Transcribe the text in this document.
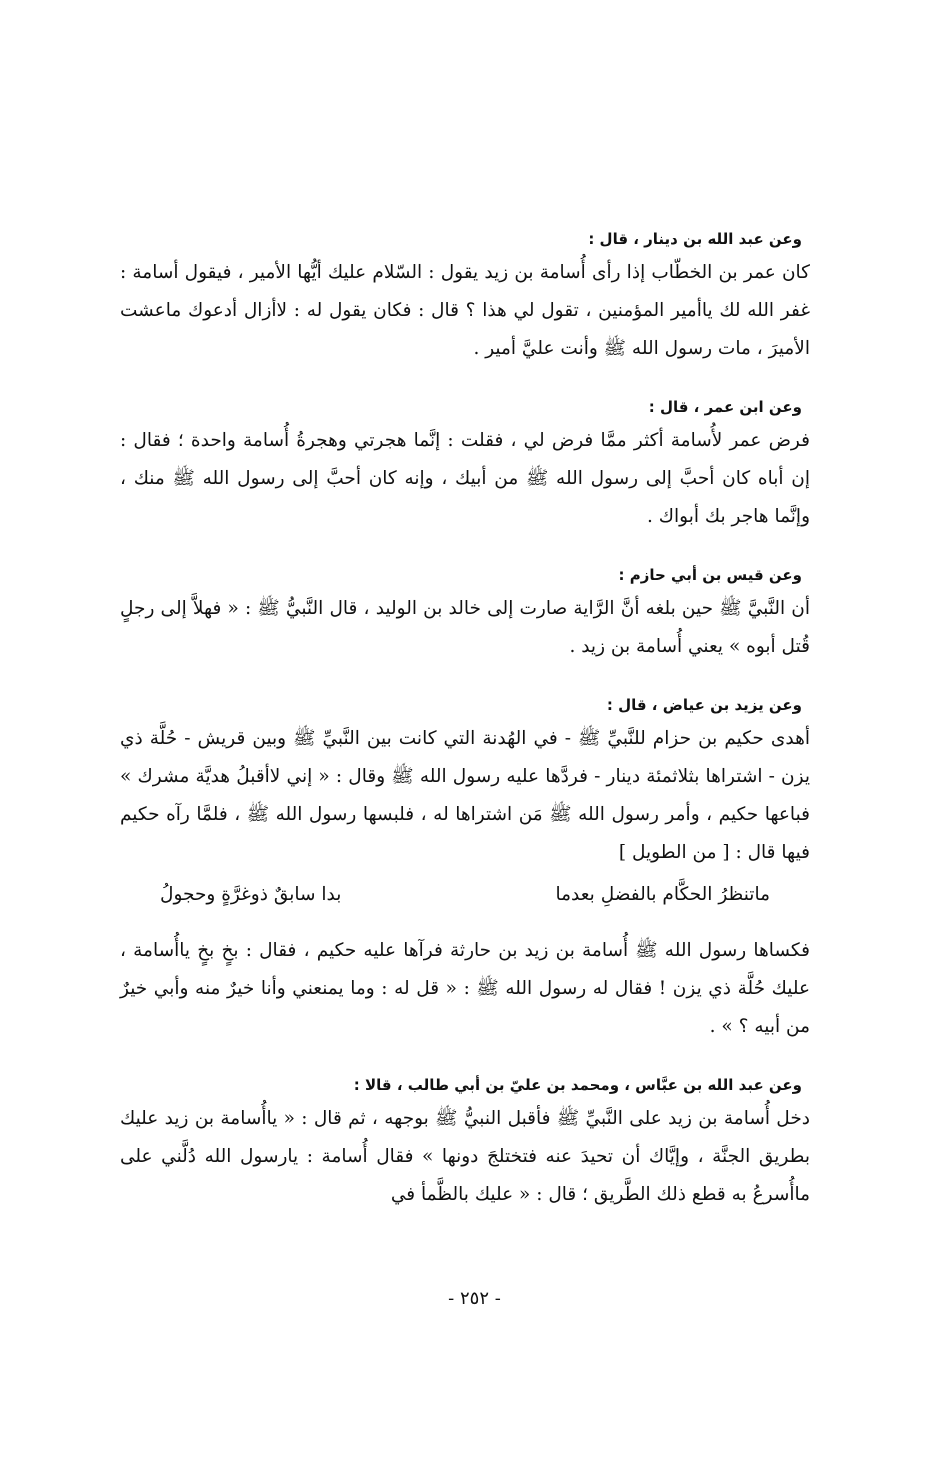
وعن عبد الله بن دينار ، قال :

كان عمر بن الخطّاب إذا رأى أُسامة بن زيد يقول : السّلام عليك أيُّها الأمير ، فيقول أسامة : غفر الله لك ياأمير المؤمنين ، تقول لي هذا ؟ قال : فكان يقول له : لاأزال أدعوك ماعشت الأميرَ ، مات رسول الله ﷺ وأنت عليَّ أمير .

وعن ابن عمر ، قال :

فرض عمر لأُسامة أكثر ممَّا فرض لي ، فقلت : إنَّما هجرتي وهجرةُ أُسامة واحدة ؛ فقال : إن أباه كان أحبَّ إلى رسول الله ﷺ من أبيك ، وإنه كان أحبَّ إلى رسول الله ﷺ منك ، وإنَّما هاجر بك أبواك .

وعن قيس بن أبي حازم :

أن النَّبيَّ ﷺ حين بلغه أنَّ الرَّاية صارت إلى خالد بن الوليد ، قال النَّبيُّ ﷺ : « فهلاَّ إلى رجلٍ قُتل أبوه » يعني أُسامة بن زيد .

وعن يزيد بن عياض ، قال :

أهدى حكيم بن حزام للنَّبيِّ ﷺ - في الهُدنة التي كانت بين النَّبيِّ ﷺ وبين قريش - حُلَّة ذي يزن - اشتراها بثلاثمئة دينار - فردَّها عليه رسول الله ﷺ وقال : « إني لاأقبلُ هديَّة مشرك » فباعها حكيم ، وأمر رسول الله ﷺ مَن اشتراها له ، فلبسها رسول الله ﷺ ، فلمَّا رآه حكيم فيها قال : [ من الطويل ]

ماتنظرُ الحكَّام بالفضلِ بعدما
بدا سابقٌ ذوغرَّةٍ وحجولُ

فكساها رسول الله ﷺ أُسامة بن زيد بن حارثة فرآها عليه حكيم ، فقال : بخٍ بخٍ ياأُسامة ، عليك حُلَّة ذي يزن ! فقال له رسول الله ﷺ : « قل له : وما يمنعني وأنا خيرٌ منه وأبي خيرٌ من أبيه ؟ » .

وعن عبد الله بن عبَّاس ، ومحمد بن عليّ بن أبي طالب ، قالا :

دخل أُسامة بن زيد على النَّبيِّ ﷺ فأقبل النبيُّ ﷺ بوجهه ، ثم قال : « ياأُسامة بن زيد عليك بطريق الجنَّة ، وإيَّاك أن تحيدَ عنه فتختلجَ دونها » فقال أُسامة : يارسول الله دُلَّني على ماأُسرعُ به قطع ذلك الطَّريق ؛ قال : « عليك بالظَّمأ في

- ٢٥٢ -
